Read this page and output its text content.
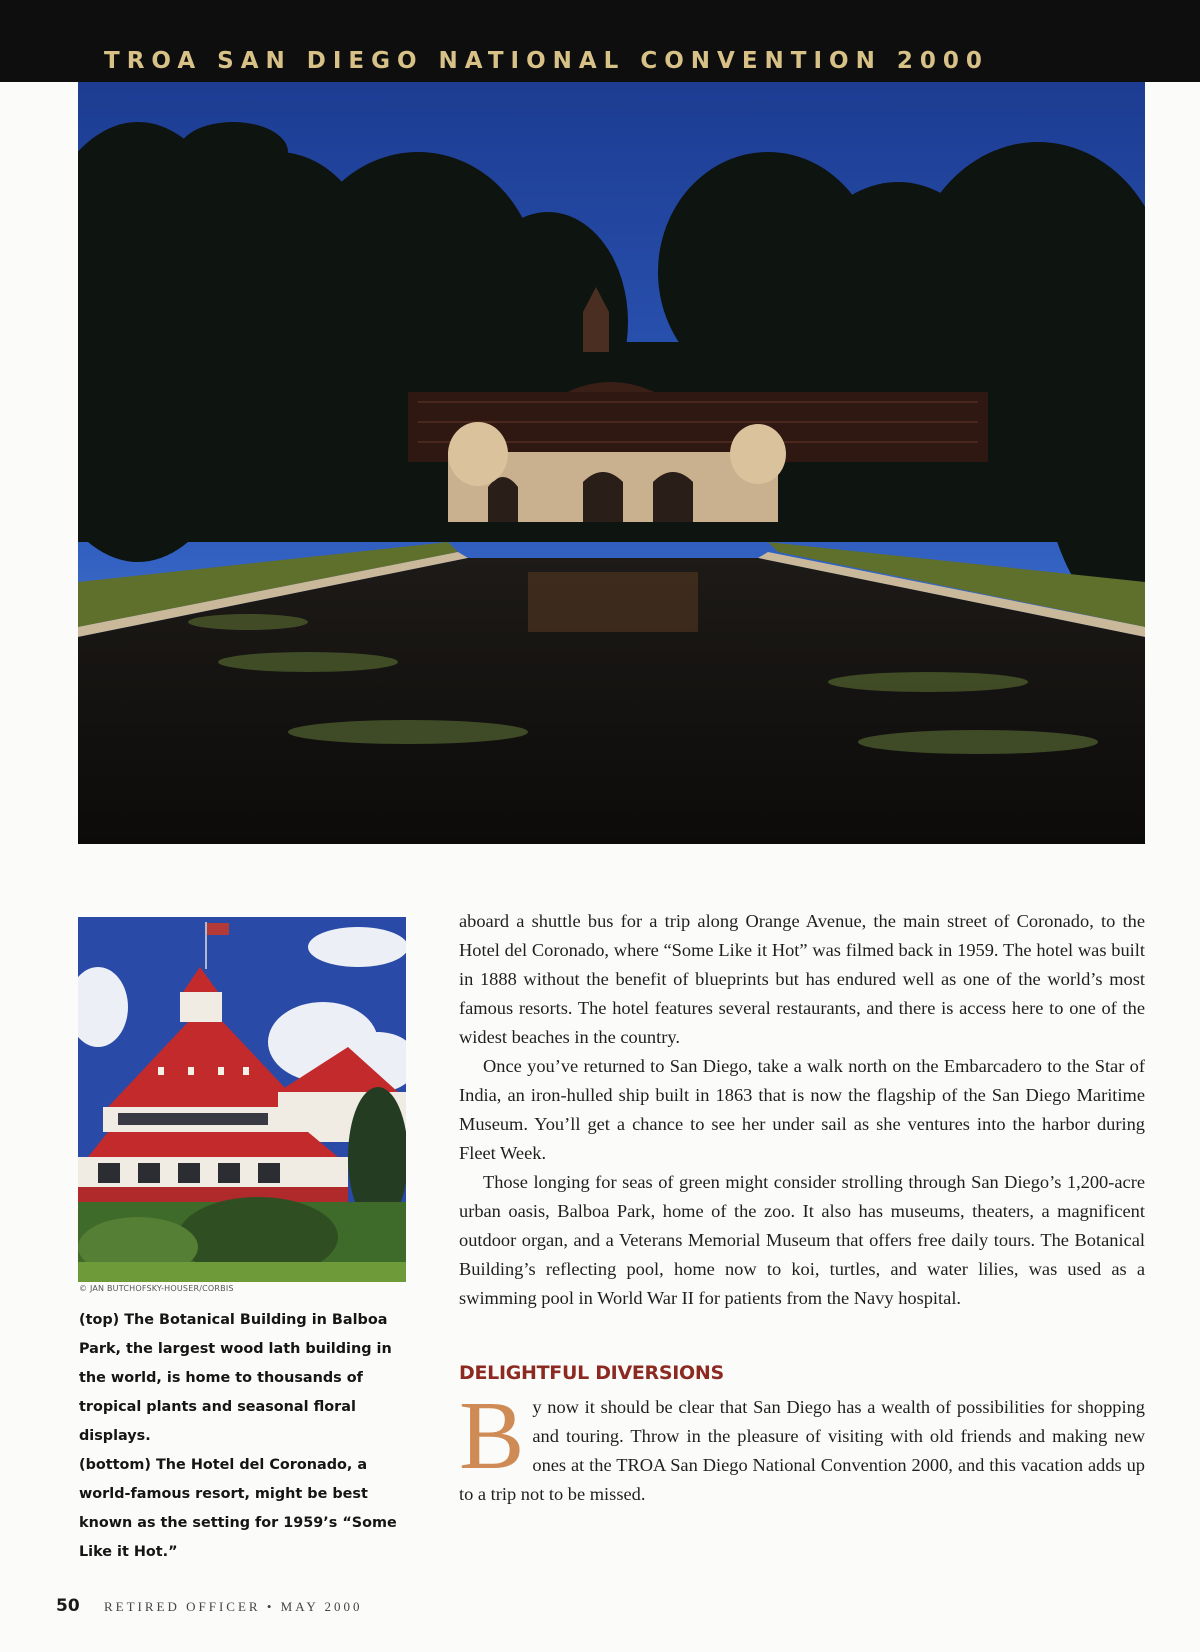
TROA SAN DIEGO NATIONAL CONVENTION 2000
© JAN BUTCHOFSKY-HOUSER/CORBIS

(top) The Botanical Building in Balboa Park, the largest wood lath building in the world, is home to thousands of tropical plants and seasonal floral displays.

(bottom) The Hotel del Coronado, a world-famous resort, might be best known as the setting for 1959’s “Some Like it Hot.”

aboard a shuttle bus for a trip along Orange Avenue, the main street of Coronado, to the Hotel del Coronado, where “Some Like it Hot” was filmed back in 1959. The hotel was built in 1888 without the benefit of blueprints but has endured well as one of the world’s most famous resorts. The hotel features several restaurants, and there is access here to one of the widest beaches in the country.

Once you’ve returned to San Diego, take a walk north on the Embarcadero to the Star of India, an iron-hulled ship built in 1863 that is now the flagship of the San Diego Maritime Museum. You’ll get a chance to see her under sail as she ventures into the harbor during Fleet Week.

Those longing for seas of green might consider strolling through San Diego’s 1,200-acre urban oasis, Balboa Park, home of the zoo. It also has museums, theaters, a magnificent outdoor organ, and a Veterans Memorial Museum that offers free daily tours. The Botanical Building’s reflecting pool, home now to koi, turtles, and water lilies, was used as a swimming pool in World War II for patients from the Navy hospital.

DELIGHTFUL DIVERSIONS

B y now it should be clear that San Diego has a wealth of possibilities for shopping and touring. Throw in the pleasure of visiting with old friends and making new ones at the TROA San Diego National Convention 2000, and this vacation adds up to a trip not to be missed.

50 RETIRED OFFICER • MAY 2000
